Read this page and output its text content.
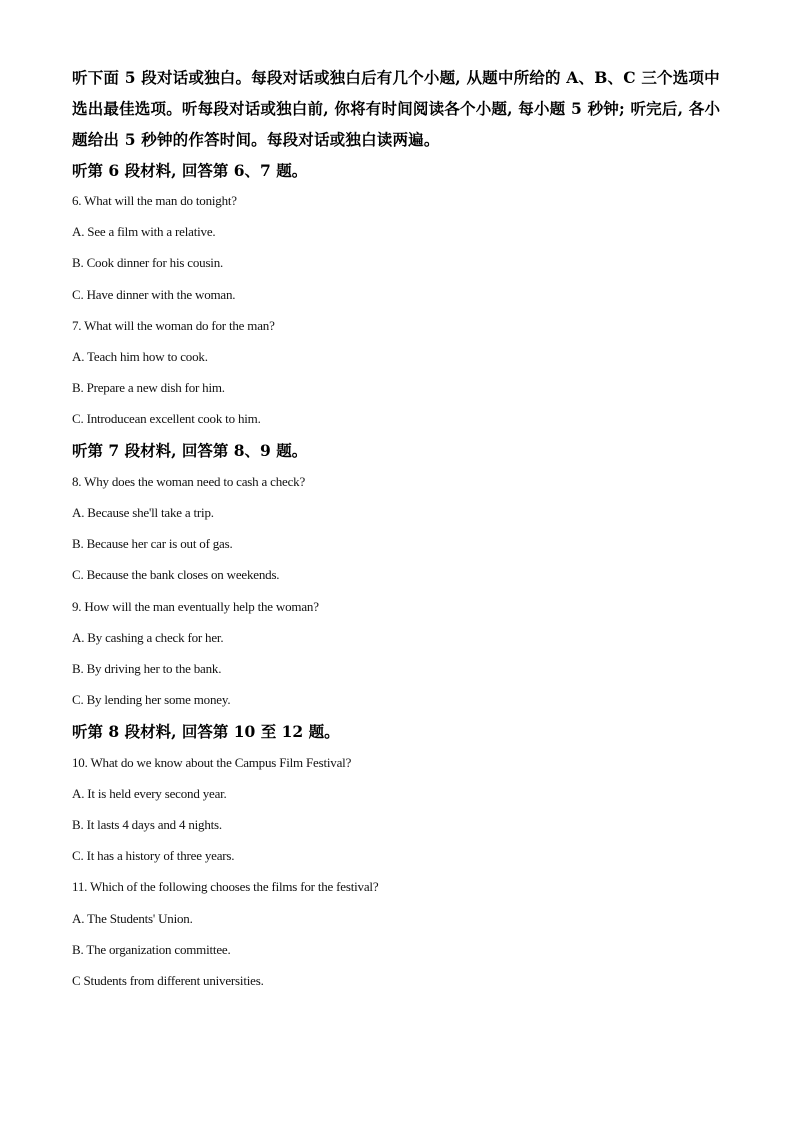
听下面 5 段对话或独白。每段对话或独白后有几个小题, 从题中所给的 A、B、C 三个选项中选出最佳选项。听每段对话或独白前, 你将有时间阅读各个小题, 每小题 5 秒钟; 听完后, 各小题给出 5 秒钟的作答时间。每段对话或独白读两遍。
听第 6 段材料, 回答第 6、7 题。
6. What will the man do tonight?
A. See a film with a relative.
B. Cook dinner for his cousin.
C. Have dinner with the woman.
7. What will the woman do for the man?
A. Teach him how to cook.
B. Prepare a new dish for him.
C. Introducean excellent cook to him.
听第 7 段材料, 回答第 8、9 题。
8. Why does the woman need to cash a check?
A. Because she'll take a trip.
B. Because her car is out of gas.
C. Because the bank closes on weekends.
9. How will the man eventually help the woman?
A. By cashing a check for her.
B. By driving her to the bank.
C. By lending her some money.
听第 8 段材料, 回答第 10 至 12 题。
10. What do we know about the Campus Film Festival?
A. It is held every second year.
B. It lasts 4 days and 4 nights.
C. It has a history of three years.
11. Which of the following chooses the films for the festival?
A. The Students' Union.
B. The organization committee.
C Students from different universities.
